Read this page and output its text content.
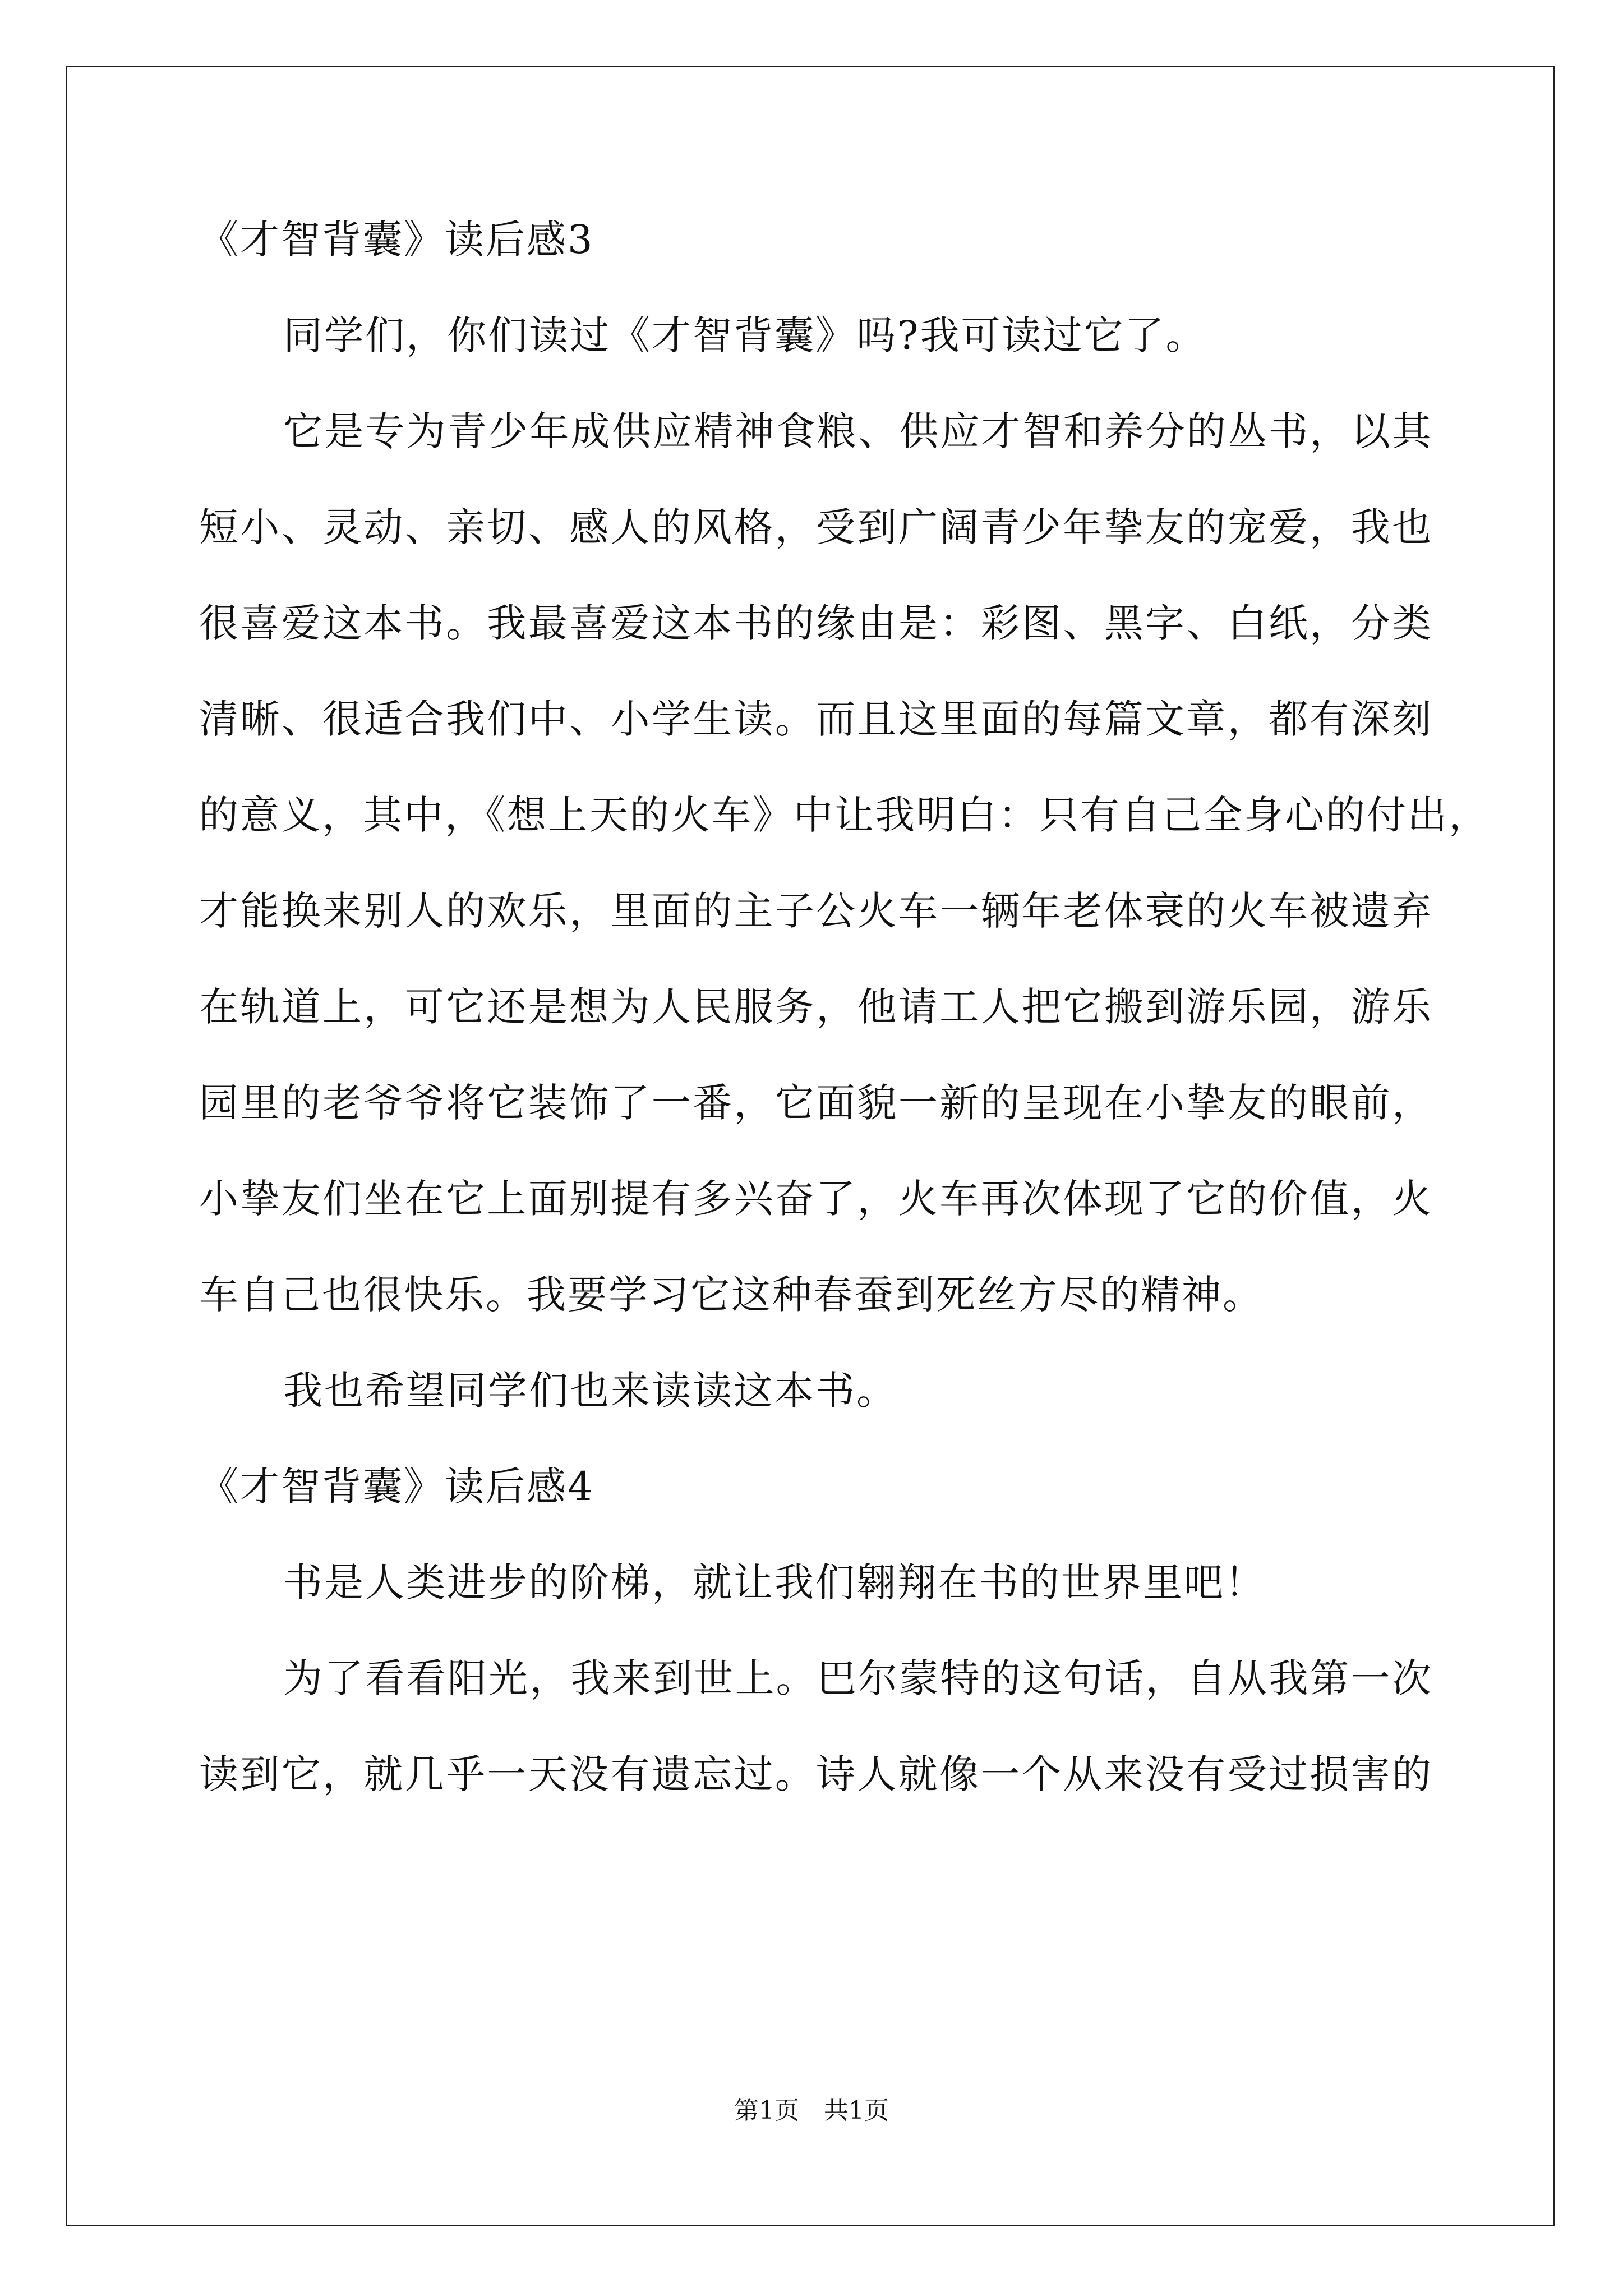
《才智背囊》读后感3
同学们，你们读过《才智背囊》吗?我可读过它了。
它是专为青少年成供应精神食粮、供应才智和养分的丛书，以其
短小、灵动、亲切、感人的风格，受到广阔青少年挚友的宠爱，我也
很喜爱这本书。我最喜爱这本书的缘由是：彩图、黑字、白纸，分类
清晰、很适合我们中、小学生读。而且这里面的每篇文章，都有深刻
的意义，其中，《想上天的火车》中让我明白：只有自己全身心的付出，
才能换来别人的欢乐，里面的主子公火车一辆年老体衰的火车被遗弃
在轨道上，可它还是想为人民服务，他请工人把它搬到游乐园，游乐
园里的老爷爷将它装饰了一番，它面貌一新的呈现在小挚友的眼前，
小挚友们坐在它上面别提有多兴奋了，火车再次体现了它的价值，火
车自己也很快乐。我要学习它这种春蚕到死丝方尽的精神。
我也希望同学们也来读读这本书。
《才智背囊》读后感4
书是人类进步的阶梯，就让我们翱翔在书的世界里吧！
为了看看阳光，我来到世上。巴尔蒙特的这句话，自从我第一次
读到它，就几乎一天没有遗忘过。诗人就像一个从来没有受过损害的
第1页　共1页
